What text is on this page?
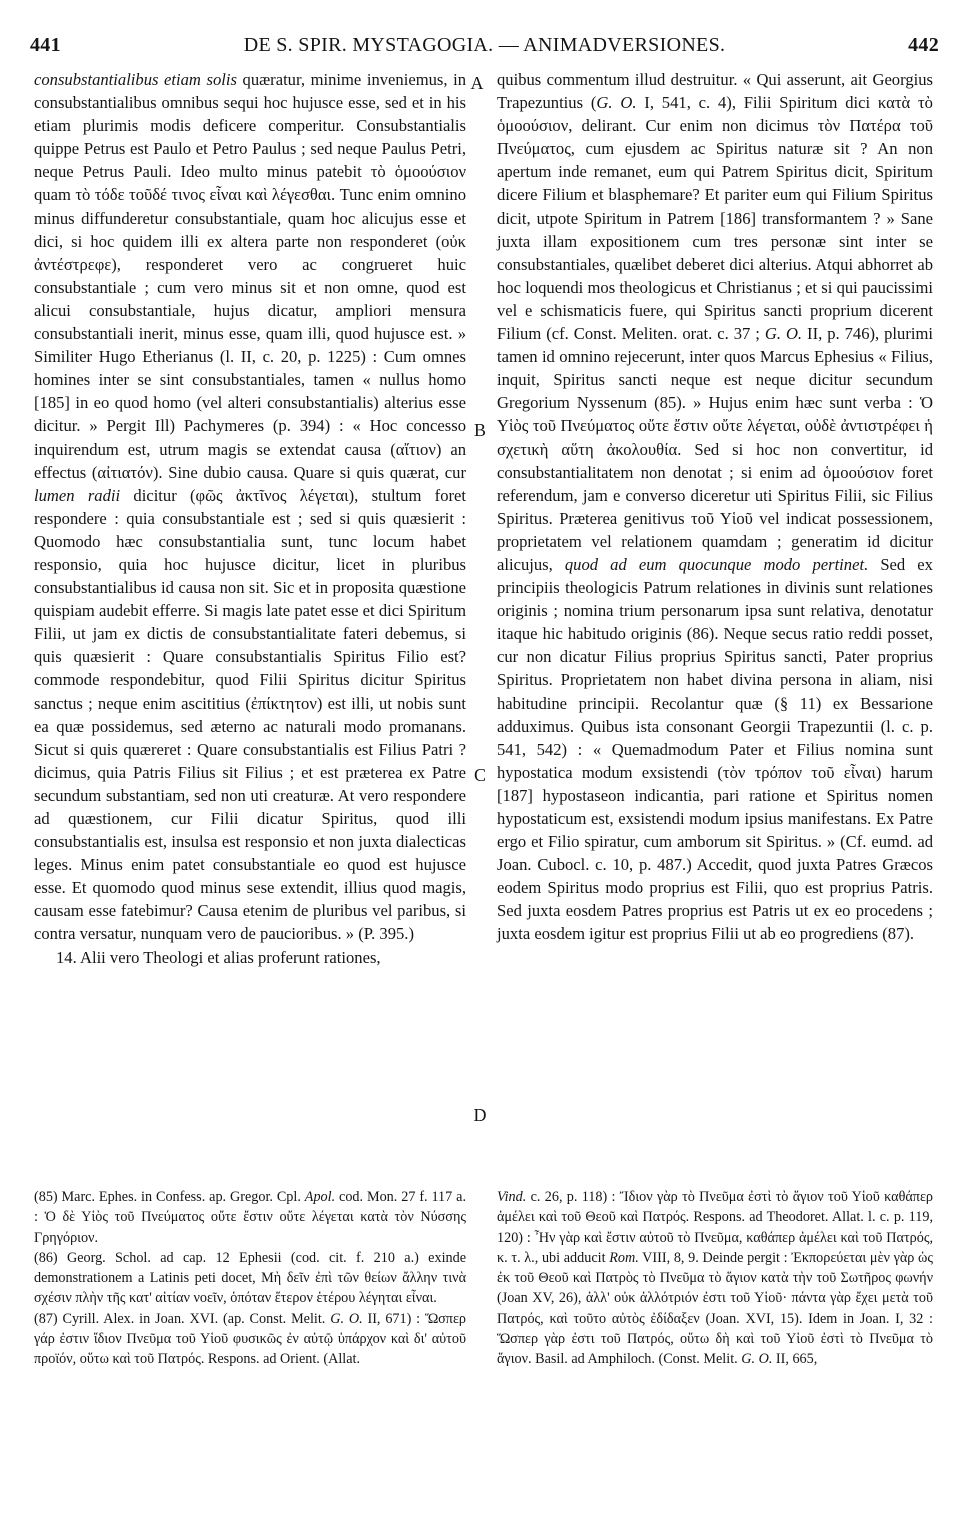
441	DE S. SPIR. MYSTAGOGIA. — ANIMADVERSIONES.	442

consubstantialibus etiam solis quæratur, minime inveniemus, in consubstantialibus omnibus sequi hoc hujusce esse, sed et in his etiam plurimis modis deficere comperitur. Consubstantialis quippe Petrus est Paulo et Petro Paulus ; sed neque Paulus Petri, neque Petrus Pauli. Ideo multo minus patebit τὸ ὁμοούσιον quam τὸ τόδε τοῦδέ τινος εἶναι καὶ λέγεσθαι. Tunc enim omnino minus diffunderetur consubstantiale, quam hoc alicujus esse et dici, si hoc quidem illi ex altera parte non responderet (οὐκ ἀντέστρεφε), responderet vero ac congrueret huic consubstantiale ; cum vero minus sit et non omne, quod est alicui consubstantiale, hujus dicatur, ampliori mensura consubstantiali inerit, minus esse, quam illi, quod hujusce est. » Similiter Hugo Etherianus (l. II, c. 20, p. 1225) : Cum omnes homines inter se sint consubstantiales, tamen « nullus homo [185] in eo quod homo (vel alteri consubstantialis) alterius esse dicitur. » Pergit Ill) Pachymeres (p. 394) : « Hoc concesso inquirendum est, utrum magis se extendat causa (αἴτιον) an effectus (αἰτιατόν). Sine dubio causa. Quare si quis quærat, cur lumen radii dicitur (φῶς ἀκτῖνος λέγεται), stultum foret respondere : quia consubstantiale est ; sed si quis quæsierit : Quomodo hæc consubstantialia sunt, tunc locum habet responsio, quia hoc hujusce dicitur, licet in pluribus consubstantialibus id causa non sit. Sic et in proposita quæstione quispiam audebit efferre. Si magis late patet esse et dici Spiritum Filii, ut jam ex dictis de consubstantialitate fateri debemus, si quis quæsierit : Quare consubstantialis Spiritus Filio est? commode respondebitur, quod Filii Spiritus dicitur Spiritus sanctus ; neque enim ascititius (ἐπίκτητον) est illi, ut nobis sunt ea quæ possidemus, sed æterno ac naturali modo promanans. Sicut si quis quæreret : Quare consubstantialis est Filius Patri ? dicimus, quia Patris Filius sit Filius ; et est præterea ex Patre secundum substantiam, sed non uti creaturæ. At vero respondere ad quæstionem, cur Filii dicatur Spiritus, quod illi consubstantialis est, insulsa est responsio et non juxta dialecticas leges. Minus enim patet consubstantiale eo quod est hujusce esse. Et quomodo quod minus sese extendit, illius quod magis, causam esse fatebimur? Causa etenim de pluribus vel paribus, si contra versatur, nunquam vero de paucioribus. » (P. 395.)

14. Alii vero Theologi et alias proferunt rationes,

A
B
C
D

quibus commentum illud destruitur. « Qui asserunt, ait Georgius Trapezuntius (G. O. I, 541, c. 4), Filii Spiritum dici κατὰ τὸ ὁμοούσιον, delirant. Cur enim non dicimus τὸν Πατέρα τοῦ Πνεύματος, cum ejusdem ac Spiritus naturæ sit ? An non apertum inde remanet, eum qui Patrem Spiritus dicit, Spiritum dicere Filium et blasphemare? Et pariter eum qui Filium Spiritus dicit, utpote Spiritum in Patrem [186] transformantem ? » Sane juxta illam expositionem cum tres personæ sint inter se consubstantiales, quælibet deberet dici alterius. Atqui abhorret ab hoc loquendi mos theologicus et Christianus ; et si qui paucissimi vel e schismaticis fuere, qui Spiritus sancti proprium dicerent Filium (cf. Const. Meliten. orat. c. 37 ; G. O. II, p. 746), plurimi tamen id omnino rejecerunt, inter quos Marcus Ephesius « Filius, inquit, Spiritus sancti neque est neque dicitur secundum Gregorium Nyssenum (85). » Hujus enim hæc sunt verba : Ὁ Υἱὸς τοῦ Πνεύματος οὔτε ἔστιν οὔτε λέγεται, οὐδὲ ἀντιστρέφει ἡ σχετικὴ αὕτη ἀκολουθία. Sed si hoc non convertitur, id consubstantialitatem non denotat ; si enim ad ὁμοούσιον foret referendum, jam e converso diceretur uti Spiritus Filii, sic Filius Spiritus. Præterea genitivus τοῦ Υἱοῦ vel indicat possessionem, proprietatem vel relationem quamdam ; generatim id dicitur alicujus, quod ad eum quocunque modo pertinet. Sed ex principiis theologicis Patrum relationes in divinis sunt relationes originis ; nomina trium personarum ipsa sunt relativa, denotatur itaque hic habitudo originis (86). Neque secus ratio reddi posset, cur non dicatur Filius proprius Spiritus sancti, Pater proprius Spiritus. Proprietatem non habet divina persona in aliam, nisi habitudine principii. Recolantur quæ (§ 11) ex Bessarione adduximus. Quibus ista consonant Georgii Trapezuntii (l. c. p. 541, 542) : « Quemadmodum Pater et Filius nomina sunt hypostatica modum exsistendi (τὸν τρόπον τοῦ εἶναι) harum [187] hypostaseon indicantia, pari ratione et Spiritus nomen hypostaticum est, exsistendi modum ipsius manifestans. Ex Patre ergo et Filio spiratur, cum amborum sit Spiritus. » (Cf. eumd. ad Joan. Cubocl. c. 10, p. 487.) Accedit, quod juxta Patres Græcos eodem Spiritus modo proprius est Filii, quo est proprius Patris. Sed juxta eosdem Patres proprius est Patris ut ex eo procedens ; juxta eosdem igitur est proprius Filii ut ab eo progrediens (87).

(85) Marc. Ephes. in Confess. ap. Gregor. Cpl. Apol. cod. Mon. 27 f. 117 a. : Ὁ δὲ Υἱὸς τοῦ Πνεύματος οὔτε ἔστιν οὔτε λέγεται κατὰ τὸν Νύσσης Γρηγόριον.

(86) Georg. Schol. ad cap. 12 Ephesii (cod. cit. f. 210 a.) exinde demonstrationem a Latinis peti docet, Μὴ δεῖν ἐπὶ τῶν θείων ἄλλην τινὰ σχέσιν πλὴν τῆς κατ' αἰτίαν νοεῖν, ὁπόταν ἕτερον ἑτέρου λέγηται εἶναι.

(87) Cyrill. Alex. in Joan. XVI. (ap. Const. Melit. G. O. II, 671) : Ὥσπερ γάρ ἐστιν ἴδιον Πνεῦμα τοῦ Υἱοῦ φυσικῶς ἐν αὐτῷ ὑπάρχον καὶ δι' αὐτοῦ προϊόν, οὕτω καὶ τοῦ Πατρός. Respons. ad Orient. (Allat.

Vind. c. 26, p. 118) : Ἴδιον γὰρ τὸ Πνεῦμα ἐστὶ τὸ ἅγιον τοῦ Υἱοῦ καθάπερ ἀμέλει καὶ τοῦ Θεοῦ καὶ Πατρός. Respons. ad Theodoret. Allat. l. c. p. 119, 120) : Ἦν γὰρ καὶ ἔστιν αὐτοῦ τὸ Πνεῦμα, καθάπερ ἀμέλει καὶ τοῦ Πατρός, κ. τ. λ., ubi adducit Rom. VIII, 8, 9. Deinde pergit : Ἐκπορεύεται μὲν γὰρ ὡς ἐκ τοῦ Θεοῦ καὶ Πατρὸς τὸ Πνεῦμα τὸ ἅγιον κατὰ τὴν τοῦ Σωτῆρος φωνήν (Joan XV, 26), ἀλλ' οὐκ ἀλλότριόν ἐστι τοῦ Υἱοῦ· πάντα γὰρ ἔχει μετὰ τοῦ Πατρός, καὶ τοῦτο αὐτὸς ἐδίδαξεν (Joan. XVI, 15). Idem in Joan. I, 32 : Ὥσπερ γὰρ ἐστι τοῦ Πατρός, οὕτω δὴ καὶ τοῦ Υἱοῦ ἐστὶ τὸ Πνεῦμα τὸ ἅγιον. Basil. ad Amphiloch. (Const. Melit. G. O. II, 665,
